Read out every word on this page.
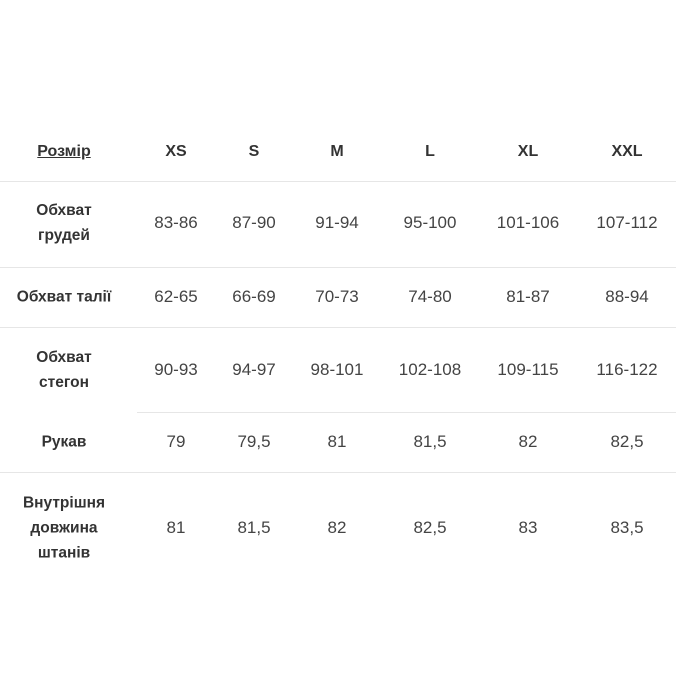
Розмір	XS	S	M	L	XL	XXL
Обхват
грудей
83-86 87-90 91-94	95-100 101-106 107-112
Обхват талії	62-65 66-69 70-73	74-80	81-87	88-94
Обхват
стегон
90-93 94-97 98-101 102-108 109-115 116-122
Рукав	79	79,5	81	81,5	82	82,5
Внутрішня
довжина
штанів
81	81,5	82	82,5	83	83,5
